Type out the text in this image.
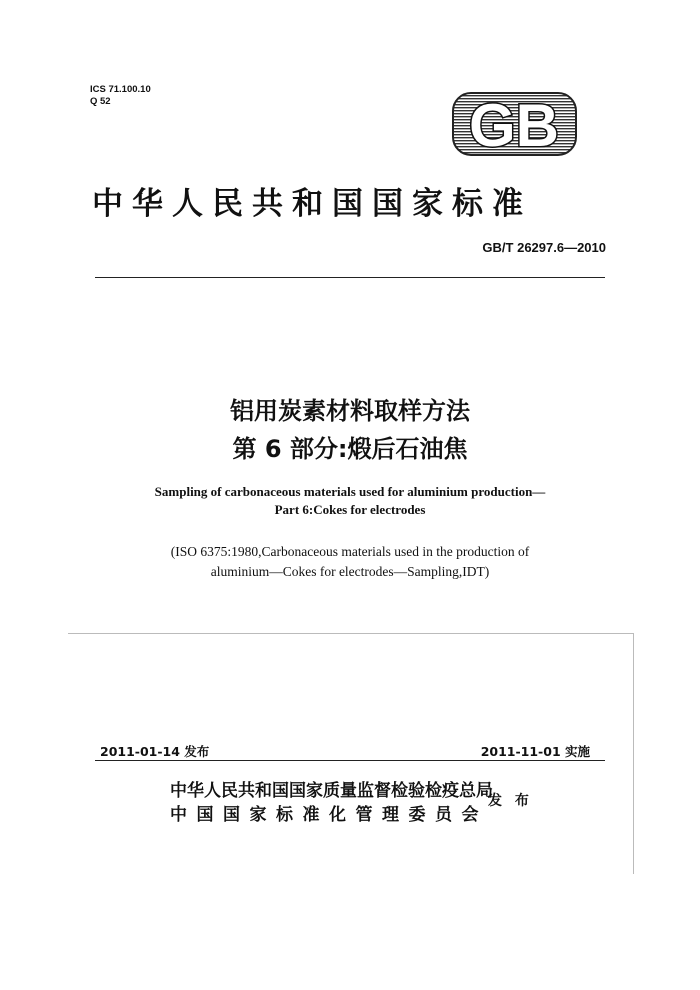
ICS 71.100.10
Q 52	GB
中华人民共和国国家标准
GB/T 26297.6—2010
铝用炭素材料取样方法
第 6 部分:煅后石油焦
Sampling of carbonaceous materials used for aluminium production—
Part 6:Cokes for electrodes
(ISO 6375:1980,Carbonaceous materials used in the production of
aluminium—Cokes for electrodes—Sampling,IDT)
2011-01-14 发布	2011-11-01 实施
中华人民共和国国家质量监督检验检疫总局
中国国家标准化管理委员会
发 布
